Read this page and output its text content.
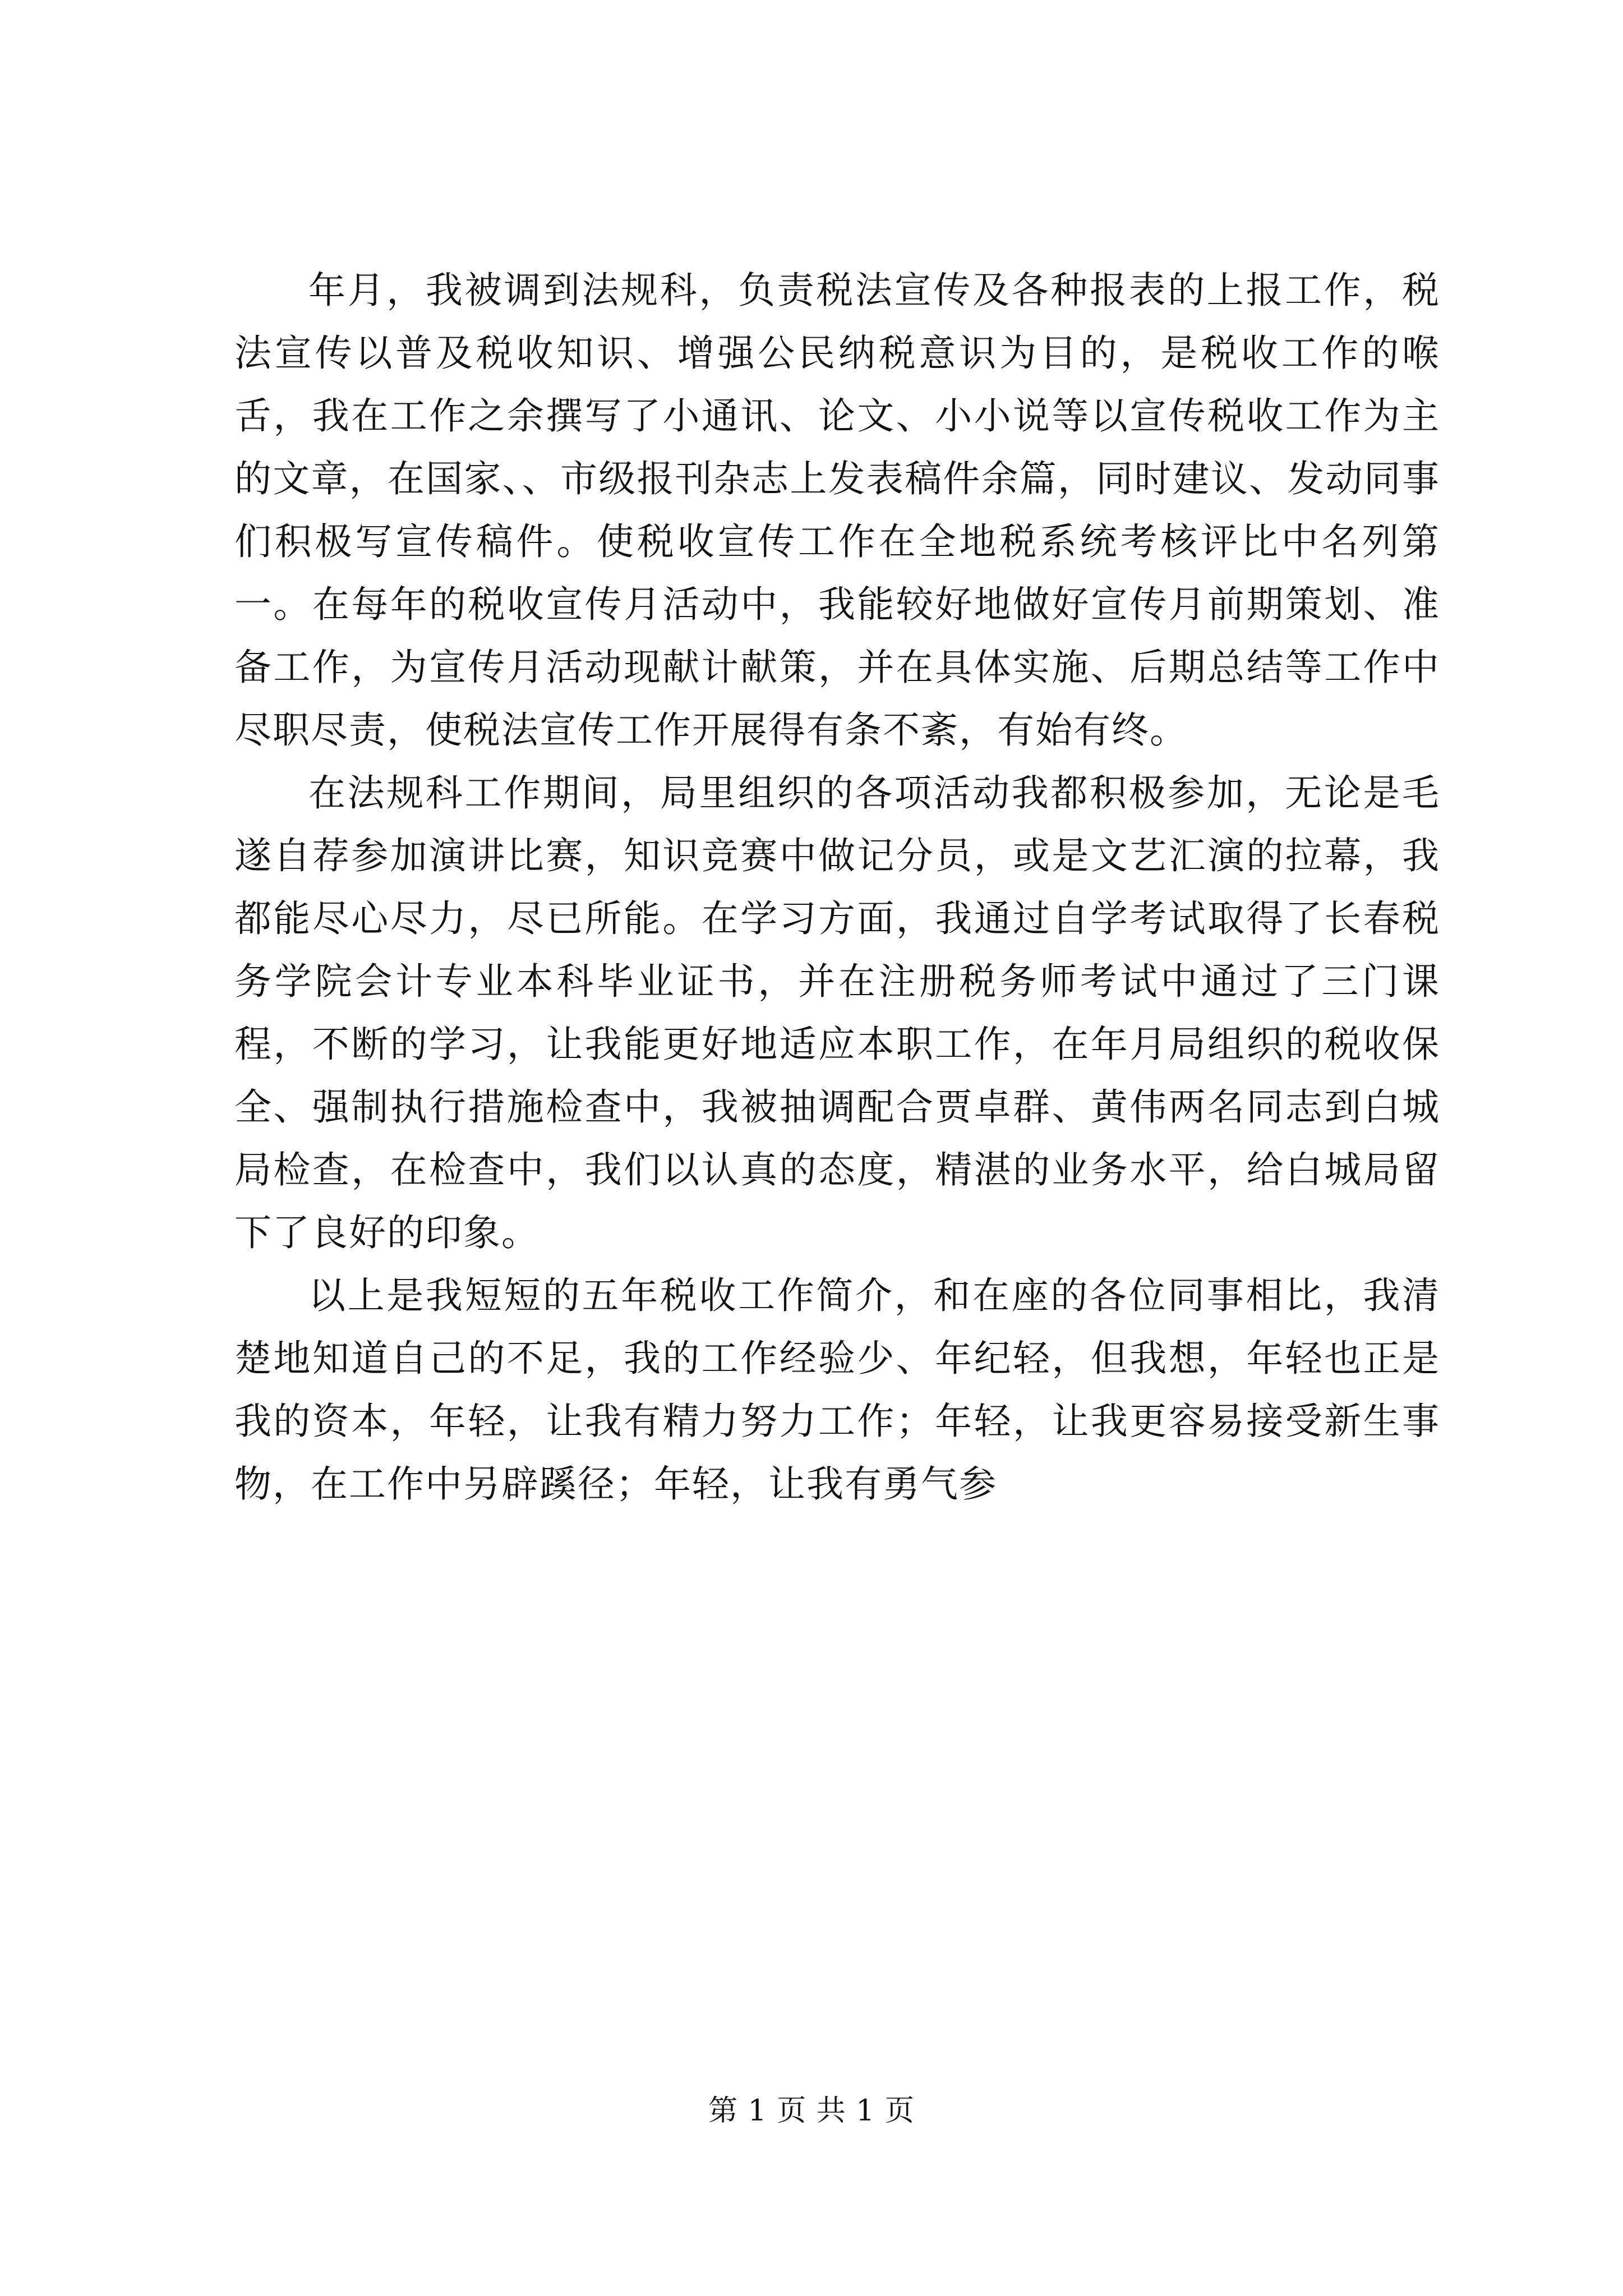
年月，我被调到法规科，负责税法宣传及各种报表的上报工作，税法宣传以普及税收知识、增强公民纳税意识为目的，是税收工作的喉舌，我在工作之余撰写了小通讯、论文、小小说等以宣传税收工作为主的文章，在国家、、市级报刊杂志上发表稿件余篇，同时建议、发动同事们积极写宣传稿件。使税收宣传工作在全地税系统考核评比中名列第一。在每年的税收宣传月活动中，我能较好地做好宣传月前期策划、准备工作，为宣传月活动现献计献策，并在具体实施、后期总结等工作中尽职尽责，使税法宣传工作开展得有条不紊，有始有终。

在法规科工作期间，局里组织的各项活动我都积极参加，无论是毛遂自荐参加演讲比赛，知识竞赛中做记分员，或是文艺汇演的拉幕，我都能尽心尽力，尽已所能。在学习方面，我通过自学考试取得了长春税务学院会计专业本科毕业证书，并在注册税务师考试中通过了三门课程，不断的学习，让我能更好地适应本职工作，在年月局组织的税收保全、强制执行措施检查中，我被抽调配合贾卓群、黄伟两名同志到白城局检查，在检查中，我们以认真的态度，精湛的业务水平，给白城局留下了良好的印象。

以上是我短短的五年税收工作简介，和在座的各位同事相比，我清楚地知道自己的不足，我的工作经验少、年纪轻，但我想，年轻也正是我的资本，年轻，让我有精力努力工作；年轻，让我更容易接受新生事物，在工作中另辟蹊径；年轻，让我有勇气参

第 1 页 共 1 页
